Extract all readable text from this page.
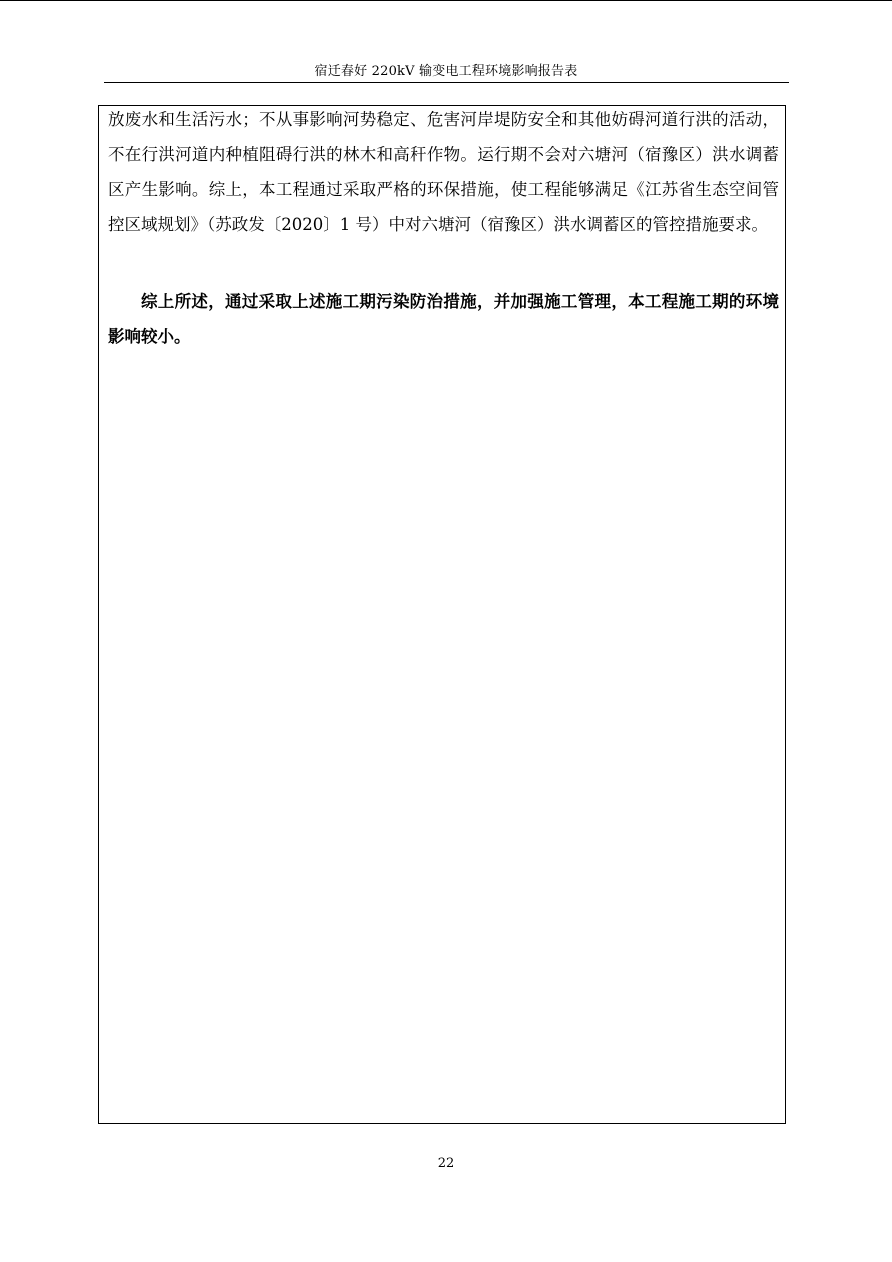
宿迁春好 220kV 输变电工程环境影响报告表

放废水和生活污水；不从事影响河势稳定、危害河岸堤防安全和其他妨碍河道行洪的活动，不在行洪河道内种植阻碍行洪的林木和高秆作物。运行期不会对六塘河（宿豫区）洪水调蓄区产生影响。综上，本工程通过采取严格的环保措施，使工程能够满足《江苏省生态空间管控区域规划》（苏政发〔2020〕1 号）中对六塘河（宿豫区）洪水调蓄区的管控措施要求。

综上所述，通过采取上述施工期污染防治措施，并加强施工管理，本工程施工期的环境影响较小。

22
